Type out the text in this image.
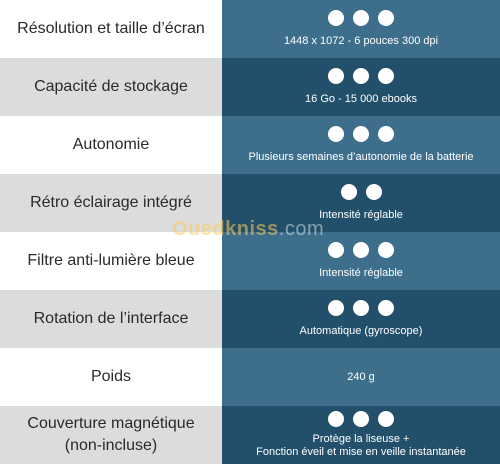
Résolution et taille d’écran
1448 x 1072 - 6 pouces 300 dpi
Capacité de stockage
16 Go - 15 000 ebooks
Autonomie
Plusieurs semaines d’autonomie de la batterie
Rétro éclairage intégré
Intensité réglable
Filtre anti-lumière bleue
Intensité réglable
Rotation de l’interface
Automatique (gyroscope)
Poids	240 g
Couverture magnétique
(non-incluse)	Protège la liseuse +
Fonction éveil et mise en veille instantanée
Ouedkniss.com
